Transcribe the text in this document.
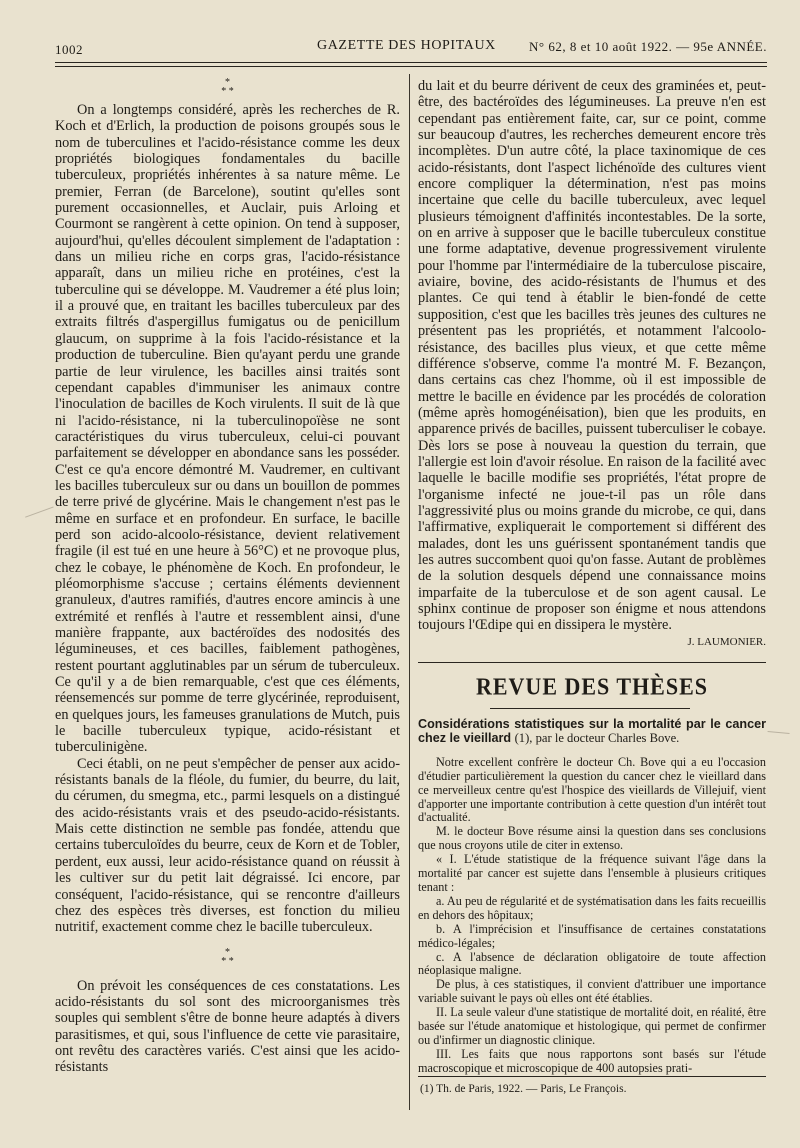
1002	GAZETTE DES HOPITAUX	N° 62, 8 et 10 août 1922. — 95e ANNÉE.
*
* *

On a longtemps considéré, après les recherches de R. Koch et d'Erlich, la production de poisons groupés sous le nom de tuberculines et l'acido-résistance comme les deux propriétés biologiques fondamentales du bacille tuberculeux, propriétés inhérentes à sa nature même. Le premier, Ferran (de Barcelone), soutint qu'elles sont purement occasionnelles, et Auclair, puis Arloing et Courmont se rangèrent à cette opinion. On tend à supposer, aujourd'hui, qu'elles découlent simplement de l'adaptation : dans un milieu riche en corps gras, l'acido-résistance apparaît, dans un milieu riche en protéines, c'est la tuberculine qui se développe. M. Vaudremer a été plus loin; il a prouvé que, en traitant les bacilles tuberculeux par des extraits filtrés d'aspergillus fumigatus ou de penicillum glaucum, on supprime à la fois l'acido-résistance et la production de tuberculine. Bien qu'ayant perdu une grande partie de leur virulence, les bacilles ainsi traités sont cependant capables d'immuniser les animaux contre l'inoculation de bacilles de Koch virulents. Il suit de là que ni l'acido-résistance, ni la tuberculinopoïèse ne sont caractéristiques du virus tuberculeux, celui-ci pouvant parfaitement se développer en abondance sans les posséder. C'est ce qu'a encore démontré M. Vaudremer, en cultivant les bacilles tuberculeux sur ou dans un bouillon de pommes de terre privé de glycérine. Mais le changement n'est pas le même en surface et en profondeur. En surface, le bacille perd son acido-alcoolo-résistance, devient relativement fragile (il est tué en une heure à 56°C) et ne provoque plus, chez le cobaye, le phénomène de Koch. En profondeur, le pléomorphisme s'accuse ; certains éléments deviennent granuleux, d'autres ramifiés, d'autres encore amincis à une extrémité et renflés à l'autre et ressemblent ainsi, d'une manière frappante, aux bactéroïdes des nodosités des légumineuses, et ces bacilles, faiblement pathogènes, restent pourtant agglutinables par un sérum de tuberculeux. Ce qu'il y a de bien remarquable, c'est que ces éléments, réensemencés sur pomme de terre glycérinée, reproduisent, en quelques jours, les fameuses granulations de Mutch, puis le bacille tuberculeux typique, acido-résistant et tuberculinigène.

Ceci établi, on ne peut s'empêcher de penser aux acido-résistants banals de la fléole, du fumier, du beurre, du lait, du cérumen, du smegma, etc., parmi lesquels on a distingué des acido-résistants vrais et des pseudo-acido-résistants. Mais cette distinction ne semble pas fondée, attendu que certains tuberculoïdes du beurre, ceux de Korn et de Tobler, perdent, eux aussi, leur acido-résistance quand on réussit à les cultiver sur du petit lait dégraissé. Ici encore, par conséquent, l'acido-résistance, qui se rencontre d'ailleurs chez des espèces très diverses, est fonction du milieu nutritif, exactement comme chez le bacille tuberculeux.

*
* *

On prévoit les conséquences de ces constatations. Les acido-résistants du sol sont des microorganismes très souples qui semblent s'être de bonne heure adaptés à divers parasitismes, et qui, sous l'influence de cette vie parasitaire, ont revêtu des caractères variés. C'est ainsi que les acido-résistants

du lait et du beurre dérivent de ceux des graminées et, peut-être, des bactéroïdes des légumineuses. La preuve n'en est cependant pas entièrement faite, car, sur ce point, comme sur beaucoup d'autres, les recherches demeurent encore très incomplètes. D'un autre côté, la place taxinomique de ces acido-résistants, dont l'aspect lichénoïde des cultures vient encore compliquer la détermination, n'est pas moins incertaine que celle du bacille tuberculeux, avec lequel plusieurs témoignent d'affinités incontestables. De la sorte, on en arrive à supposer que le bacille tuberculeux constitue une forme adaptative, devenue progressivement virulente pour l'homme par l'intermédiaire de la tuberculose piscaire, aviaire, bovine, des acido-résistants de l'humus et des plantes. Ce qui tend à établir le bien-fondé de cette supposition, c'est que les bacilles très jeunes des cultures ne présentent pas les propriétés, et notamment l'alcoolo-résistance, des bacilles plus vieux, et que cette même différence s'observe, comme l'a montré M. F. Bezançon, dans certains cas chez l'homme, où il est impossible de mettre le bacille en évidence par les procédés de coloration (même après homogénéisation), bien que les produits, en apparence privés de bacilles, puissent tuberculiser le cobaye. Dès lors se pose à nouveau la question du terrain, que l'allergie est loin d'avoir résolue. En raison de la facilité avec laquelle le bacille modifie ses propriétés, l'état propre de l'organisme infecté ne joue-t-il pas un rôle dans l'aggressivité plus ou moins grande du microbe, ce qui, dans l'affirmative, expliquerait le comportement si différent des malades, dont les uns guérissent spontanément tandis que les autres succombent quoi qu'on fasse. Autant de problèmes de la solution desquels dépend une connaissance moins imparfaite de la tuberculose et de son agent causal. Le sphinx continue de proposer son énigme et nous attendons toujours l'Œdipe qui en dissipera le mystère.

J. LAUMONIER.
REVUE DES THÈSES

Considérations statistiques sur la mortalité par le cancer chez le vieillard (1), par le docteur Charles Bove.

Notre excellent confrère le docteur Ch. Bove qui a eu l'occasion d'étudier particulièrement la question du cancer chez le vieillard dans ce merveilleux centre qu'est l'hospice des vieillards de Villejuif, vient d'apporter une importante contribution à cette question d'un intérêt tout d'actualité.

M. le docteur Bove résume ainsi la question dans ses conclusions que nous croyons utile de citer in extenso.

« I. L'étude statistique de la fréquence suivant l'âge dans la mortalité par cancer est sujette dans l'ensemble à plusieurs critiques tenant :

a. Au peu de régularité et de systématisation dans les faits recueillis en dehors des hôpitaux;

b. A l'imprécision et l'insuffisance de certaines constatations médico-légales;

c. A l'absence de déclaration obligatoire de toute affection néoplasique maligne.

De plus, à ces statistiques, il convient d'attribuer une importance variable suivant le pays où elles ont été établies.

II. La seule valeur d'une statistique de mortalité doit, en réalité, être basée sur l'étude anatomique et histologique, qui permet de confirmer ou d'infirmer un diagnostic clinique.

III. Les faits que nous rapportons sont basés sur l'étude macroscopique et microscopique de 400 autopsies prati-

(1) Th. de Paris, 1922. — Paris, Le François.
